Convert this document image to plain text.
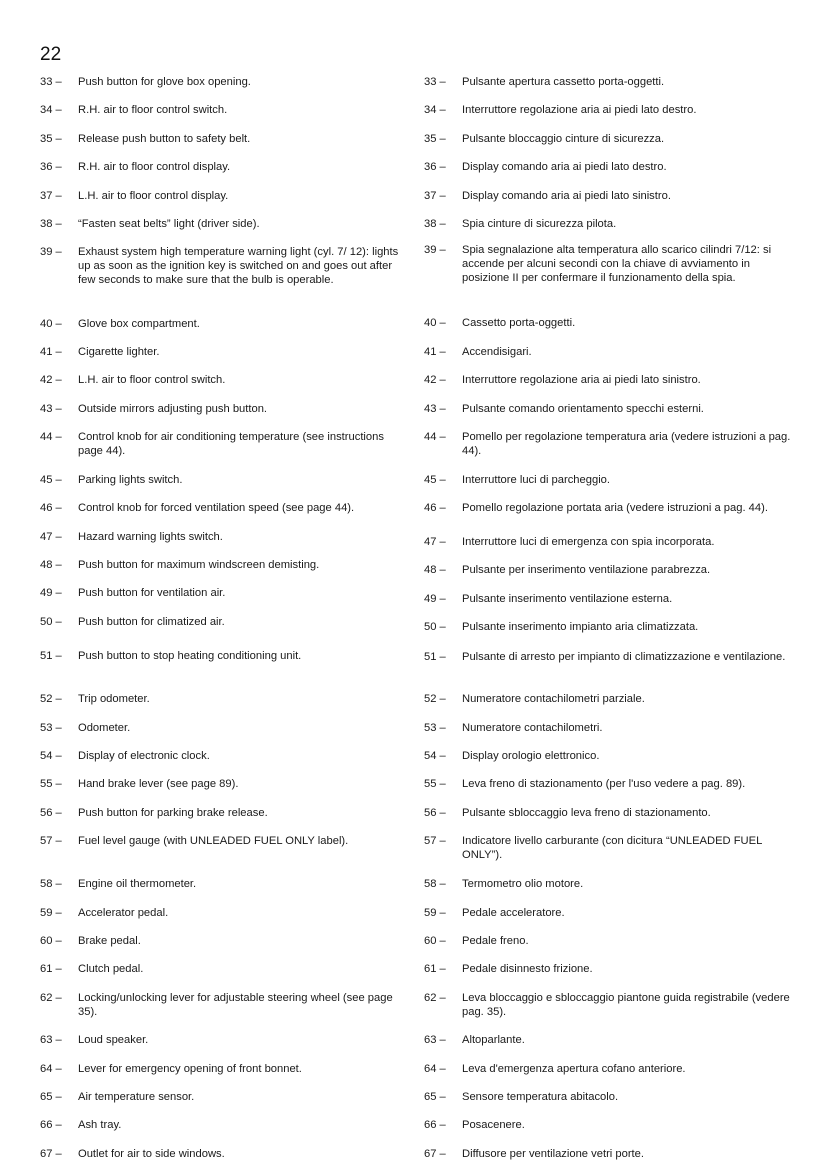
22
33 –	Push button for glove box opening.
34 –	R.H. air to floor control switch.
35 –	Release push button to safety belt.
36 –	R.H. air to floor control display.
37 –	L.H. air to floor control display.
38 –	“Fasten seat belts” light (driver side).
39 –	Exhaust system high temperature warning light (cyl. 7/ 12): lights up as soon as the ignition key is switched on and goes out after few seconds to make sure that the bulb is operable.
40 –	Glove box compartment.
41 –	Cigarette lighter.
42 –	L.H. air to floor control switch.
43 –	Outside mirrors adjusting push button.
44 –	Control knob for air conditioning temperature (see instructions page 44).
45 –	Parking lights switch.
46 –	Control knob for forced ventilation speed (see page 44).
47 –	Hazard warning lights switch.
48 –	Push button for maximum windscreen demisting.
49 –	Push button for ventilation air.
50 –	Push button for climatized air.
51 –	Push button to stop heating conditioning unit.
52 –	Trip odometer.
53 –	Odometer.
54 –	Display of electronic clock.
55 –	Hand brake lever (see page 89).
56 –	Push button for parking brake release.
57 –	Fuel level gauge (with UNLEADED FUEL ONLY label).
58 –	Engine oil thermometer.
59 –	Accelerator pedal.
60 –	Brake pedal.
61 –	Clutch pedal.
62 –	Locking/unlocking lever for adjustable steering wheel (see page 35).
63 –	Loud speaker.
64 –	Lever for emergency opening of front bonnet.
65 –	Air temperature sensor.
66 –	Ash tray.
67 –	Outlet for air to side windows.
33 –	Pulsante apertura cassetto porta-oggetti.
34 –	Interruttore regolazione aria ai piedi lato destro.
35 –	Pulsante bloccaggio cinture di sicurezza.
36 –	Display comando aria ai piedi lato destro.
37 –	Display comando aria ai piedi lato sinistro.
38 –	Spia cinture di sicurezza pilota.
39 –	Spia segnalazione alta temperatura allo scarico cilindri 7/12: si accende per alcuni secondi con la chiave di avviamento in posizione II per confermare il funzionamento della spia.
40 –	Cassetto porta-oggetti.
41 –	Accendisigari.
42 –	Interruttore regolazione aria ai piedi lato sinistro.
43 –	Pulsante comando orientamento specchi esterni.
44 –	Pomello per regolazione temperatura aria (vedere istruzioni a pag. 44).
45 –	Interruttore luci di parcheggio.
46 –	Pomello regolazione portata aria (vedere istruzioni a pag. 44).
47 –	Interruttore luci di emergenza con spia incorporata.
48 –	Pulsante per inserimento ventilazione parabrezza.
49 –	Pulsante inserimento ventilazione esterna.
50 –	Pulsante inserimento impianto aria climatizzata.
51 –	Pulsante di arresto per impianto di climatizzazione e ventilazione.
52 –	Numeratore contachilometri parziale.
53 –	Numeratore contachilometri.
54 –	Display orologio elettronico.
55 –	Leva freno di stazionamento (per l'uso vedere a pag. 89).
56 –	Pulsante sbloccaggio leva freno di stazionamento.
57 –	Indicatore livello carburante (con dicitura “UNLEADED FUEL ONLY”).
58 –	Termometro olio motore.
59 –	Pedale acceleratore.
60 –	Pedale freno.
61 –	Pedale disinnesto frizione.
62 –	Leva bloccaggio e sbloccaggio piantone guida registrabile (vedere pag. 35).
63 –	Altoparlante.
64 –	Leva d'emergenza apertura cofano anteriore.
65 –	Sensore temperatura abitacolo.
66 –	Posacenere.
67 –	Diffusore per ventilazione vetri porte.
